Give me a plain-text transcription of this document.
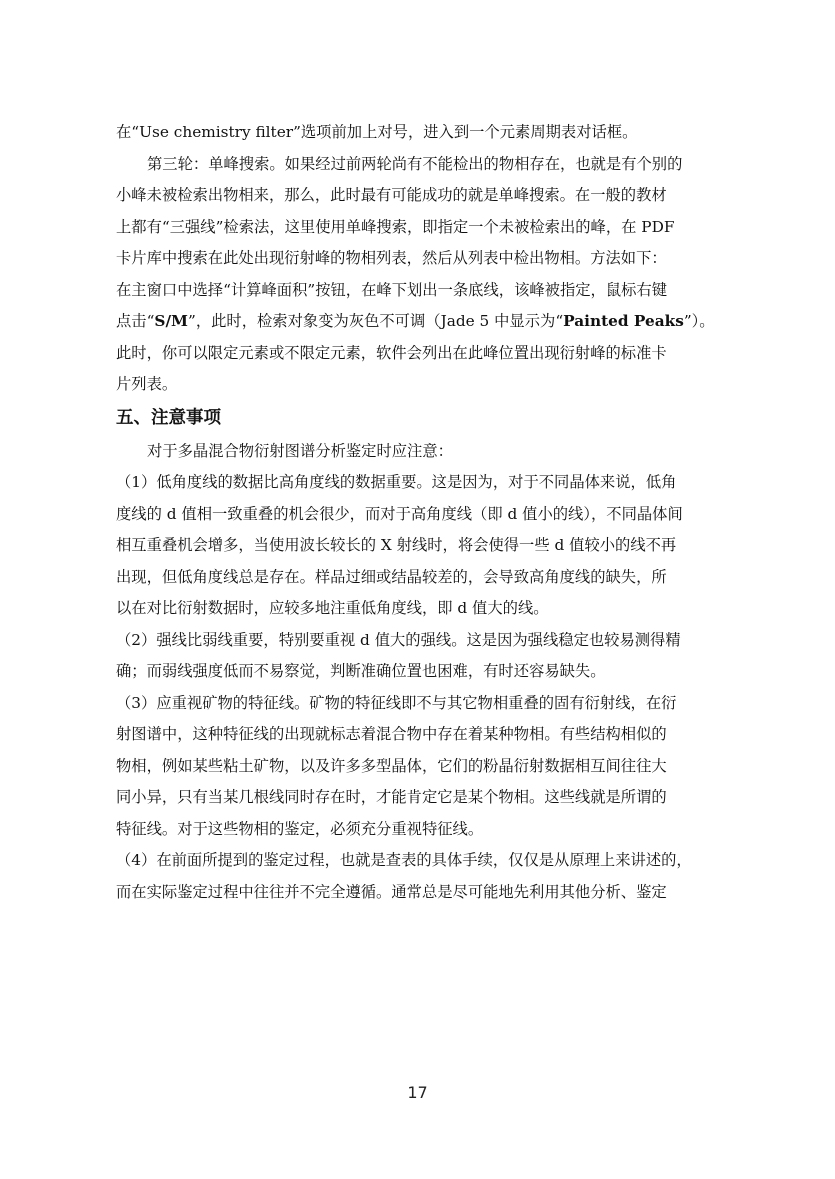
在“Use chemistry filter”选项前加上对号，进入到一个元素周期表对话框。
第三轮：单峰搜索。如果经过前两轮尚有不能检出的物相存在，也就是有个别的
小峰未被检索出物相来，那么，此时最有可能成功的就是单峰搜索。在一般的教材
上都有“三强线”检索法，这里使用单峰搜索，即指定一个未被检索出的峰，在 PDF
卡片库中搜索在此处出现衍射峰的物相列表，然后从列表中检出物相。方法如下：
在主窗口中选择“计算峰面积”按钮，在峰下划出一条底线，该峰被指定，鼠标右键
点击“S/M”，此时，检索对象变为灰色不可调（Jade 5 中显示为“Painted Peaks”）。
此时，你可以限定元素或不限定元素，软件会列出在此峰位置出现衍射峰的标准卡
片列表。
五、注意事项
对于多晶混合物衍射图谱分析鉴定时应注意：
（1）低角度线的数据比高角度线的数据重要。这是因为，对于不同晶体来说，低角
度线的 d 值相一致重叠的机会很少，而对于高角度线（即 d 值小的线），不同晶体间
相互重叠机会增多，当使用波长较长的 X 射线时，将会使得一些 d 值较小的线不再
出现，但低角度线总是存在。样品过细或结晶较差的，会导致高角度线的缺失，所
以在对比衍射数据时，应较多地注重低角度线，即 d 值大的线。
（2）强线比弱线重要，特别要重视 d 值大的强线。这是因为强线稳定也较易测得精
确；而弱线强度低而不易察觉，判断准确位置也困难，有时还容易缺失。
（3）应重视矿物的特征线。矿物的特征线即不与其它物相重叠的固有衍射线，在衍
射图谱中，这种特征线的出现就标志着混合物中存在着某种物相。有些结构相似的
物相，例如某些粘土矿物，以及许多多型晶体，它们的粉晶衍射数据相互间往往大
同小异，只有当某几根线同时存在时，才能肯定它是某个物相。这些线就是所谓的
特征线。对于这些物相的鉴定，必须充分重视特征线。
（4）在前面所提到的鉴定过程，也就是查表的具体手续，仅仅是从原理上来讲述的，
而在实际鉴定过程中往往并不完全遵循。通常总是尽可能地先利用其他分析、鉴定
17
